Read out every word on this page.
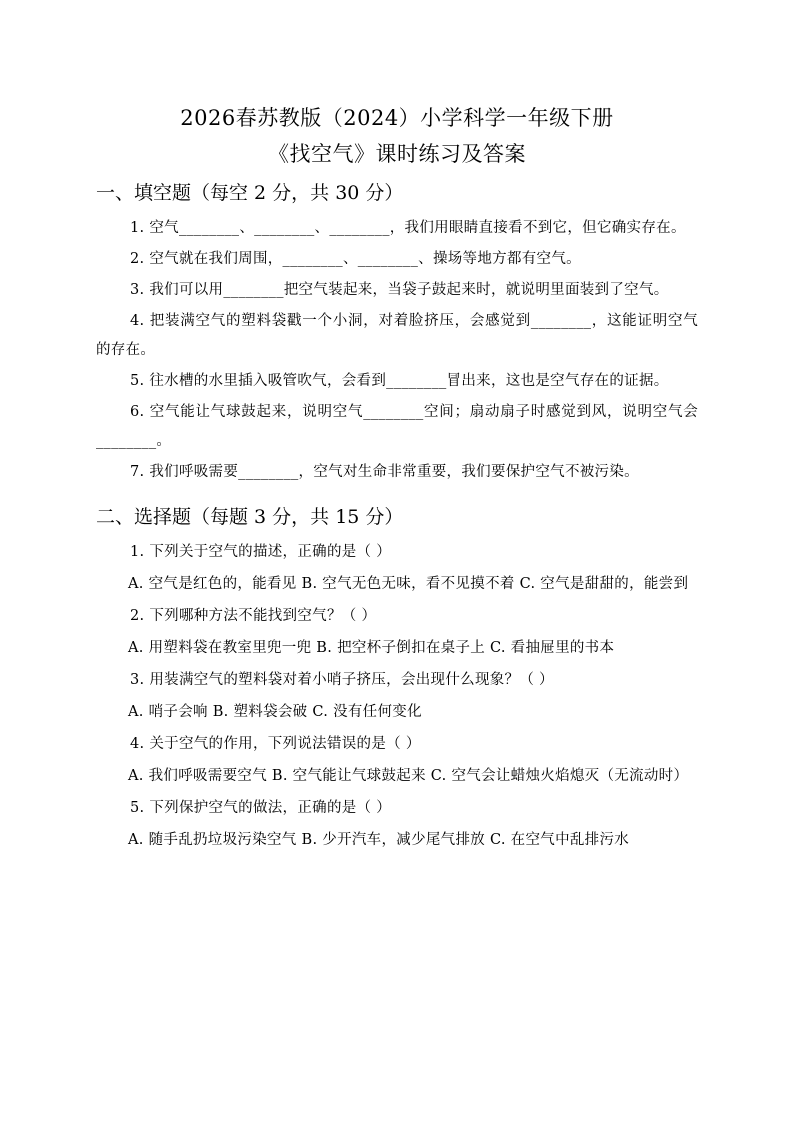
2026春苏教版（2024）小学科学一年级下册
《找空气》课时练习及答案
一、填空题（每空 2 分，共 30 分）
1. 空气________、________、________，我们用眼睛直接看不到它，但它确实存在。
2. 空气就在我们周围，________、________、操场等地方都有空气。
3. 我们可以用________把空气装起来，当袋子鼓起来时，就说明里面装到了空气。
4. 把装满空气的塑料袋戳一个小洞，对着脸挤压，会感觉到________，这能证明空气的存在。
5. 往水槽的水里插入吸管吹气，会看到________冒出来，这也是空气存在的证据。
6. 空气能让气球鼓起来，说明空气________空间；扇动扇子时感觉到风，说明空气会________。
7. 我们呼吸需要________，空气对生命非常重要，我们要保护空气不被污染。
二、选择题（每题 3 分，共 15 分）
1. 下列关于空气的描述，正确的是（ ）
A. 空气是红色的，能看见 B. 空气无色无味，看不见摸不着 C. 空气是甜甜的，能尝到
2. 下列哪种方法不能找到空气？（ ）
A. 用塑料袋在教室里兜一兜 B. 把空杯子倒扣在桌子上 C. 看抽屉里的书本
3. 用装满空气的塑料袋对着小哨子挤压，会出现什么现象？（ ）
A. 哨子会响 B. 塑料袋会破 C. 没有任何变化
4. 关于空气的作用，下列说法错误的是（ ）
A. 我们呼吸需要空气 B. 空气能让气球鼓起来 C. 空气会让蜡烛火焰熄灭（无流动时）
5. 下列保护空气的做法，正确的是（ ）
A. 随手乱扔垃圾污染空气 B. 少开汽车，减少尾气排放 C. 在空气中乱排污水
